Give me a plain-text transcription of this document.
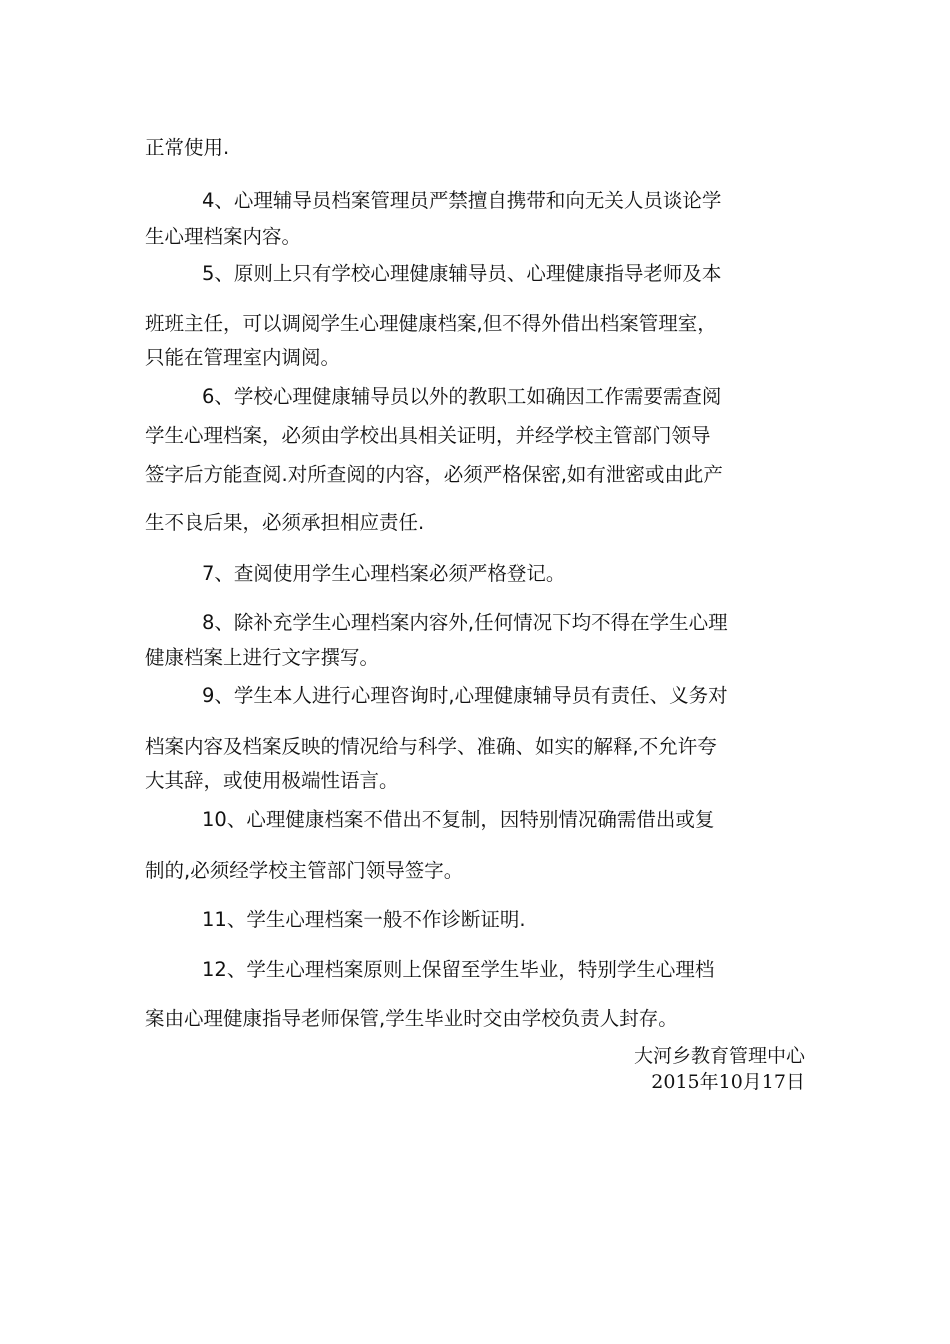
正常使用.
4、心理辅导员档案管理员严禁擅自携带和向无关人员谈论学
生心理档案内容。
5、原则上只有学校心理健康辅导员、心理健康指导老师及本
班班主任，可以调阅学生心理健康档案,但不得外借出档案管理室，
只能在管理室内调阅。
6、学校心理健康辅导员以外的教职工如确因工作需要需查阅
学生心理档案，必须由学校出具相关证明，并经学校主管部门领导
签字后方能查阅.对所查阅的内容，必须严格保密,如有泄密或由此产
生不良后果，必须承担相应责任.
7、查阅使用学生心理档案必须严格登记。
8、除补充学生心理档案内容外,任何情况下均不得在学生心理
健康档案上进行文字撰写。
9、学生本人进行心理咨询时,心理健康辅导员有责任、义务对
档案内容及档案反映的情况给与科学、准确、如实的解释,不允许夸
大其辞，或使用极端性语言。
10、心理健康档案不借出不复制，因特别情况确需借出或复
制的,必须经学校主管部门领导签字。
11、学生心理档案一般不作诊断证明.
12、学生心理档案原则上保留至学生毕业，特别学生心理档
案由心理健康指导老师保管,学生毕业时交由学校负责人封存。
大河乡教育管理中心
2015年10月17日
